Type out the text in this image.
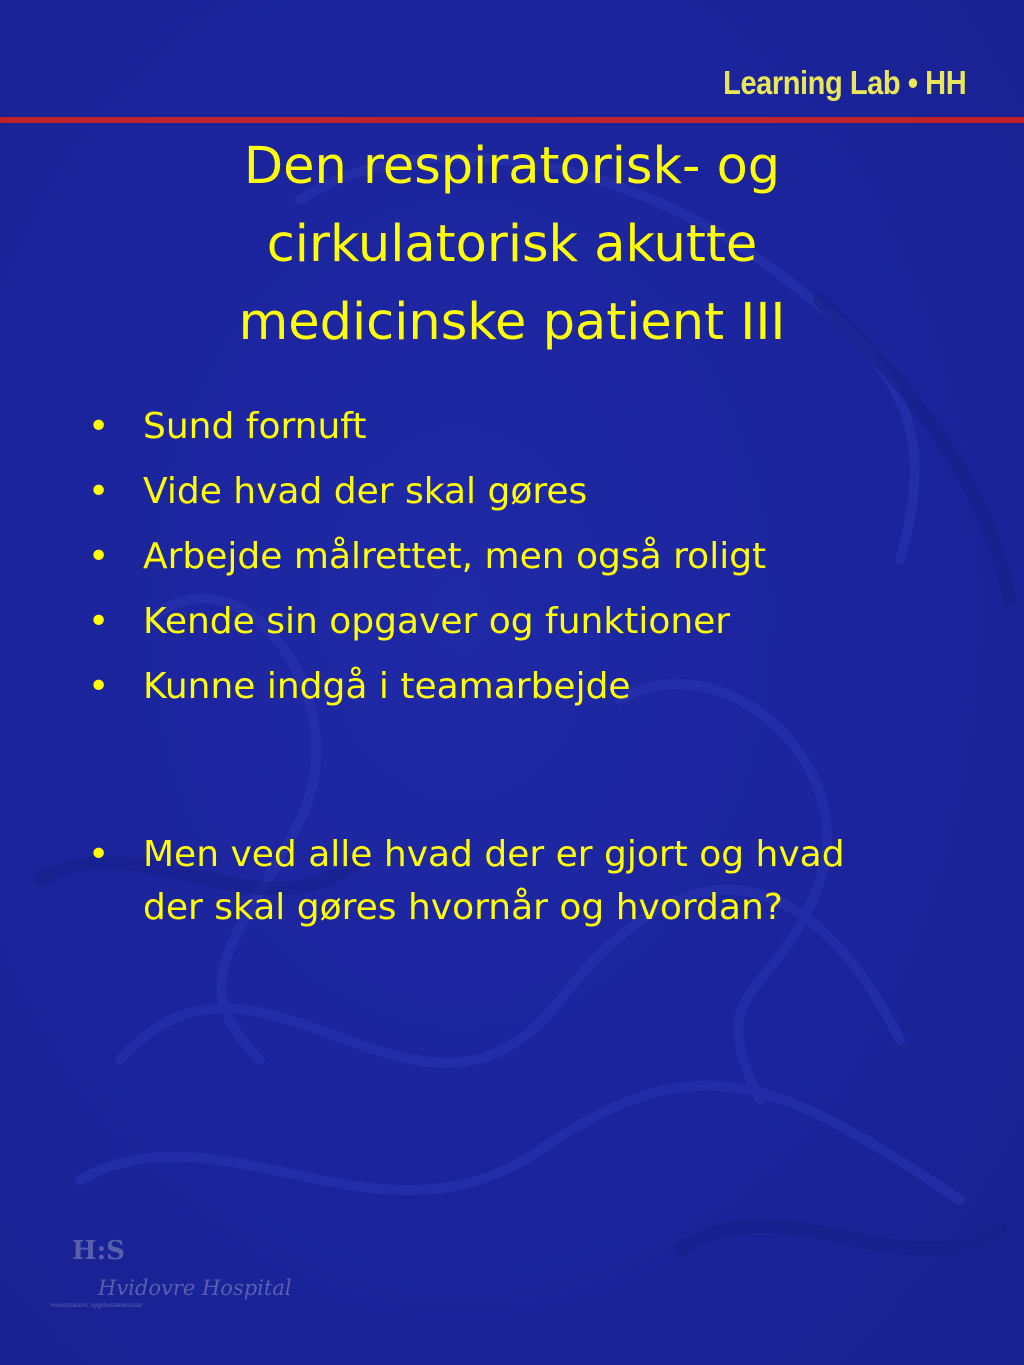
Learning Lab • HH
Den respiratorisk- og
cirkulatorisk akutte
medicinske patient III
• Sund fornuft
• Vide hvad der skal gøres
• Arbejde målrettet, men også roligt
• Kende sin opgaver og funktioner
• Kunne indgå i teamarbejde
• Men ved alle hvad der er gjort og hvad
der skal gøres hvornår og hvordan?
H:S
Hvidovre Hospital
Hovedstadens Sygehusfællesskab
